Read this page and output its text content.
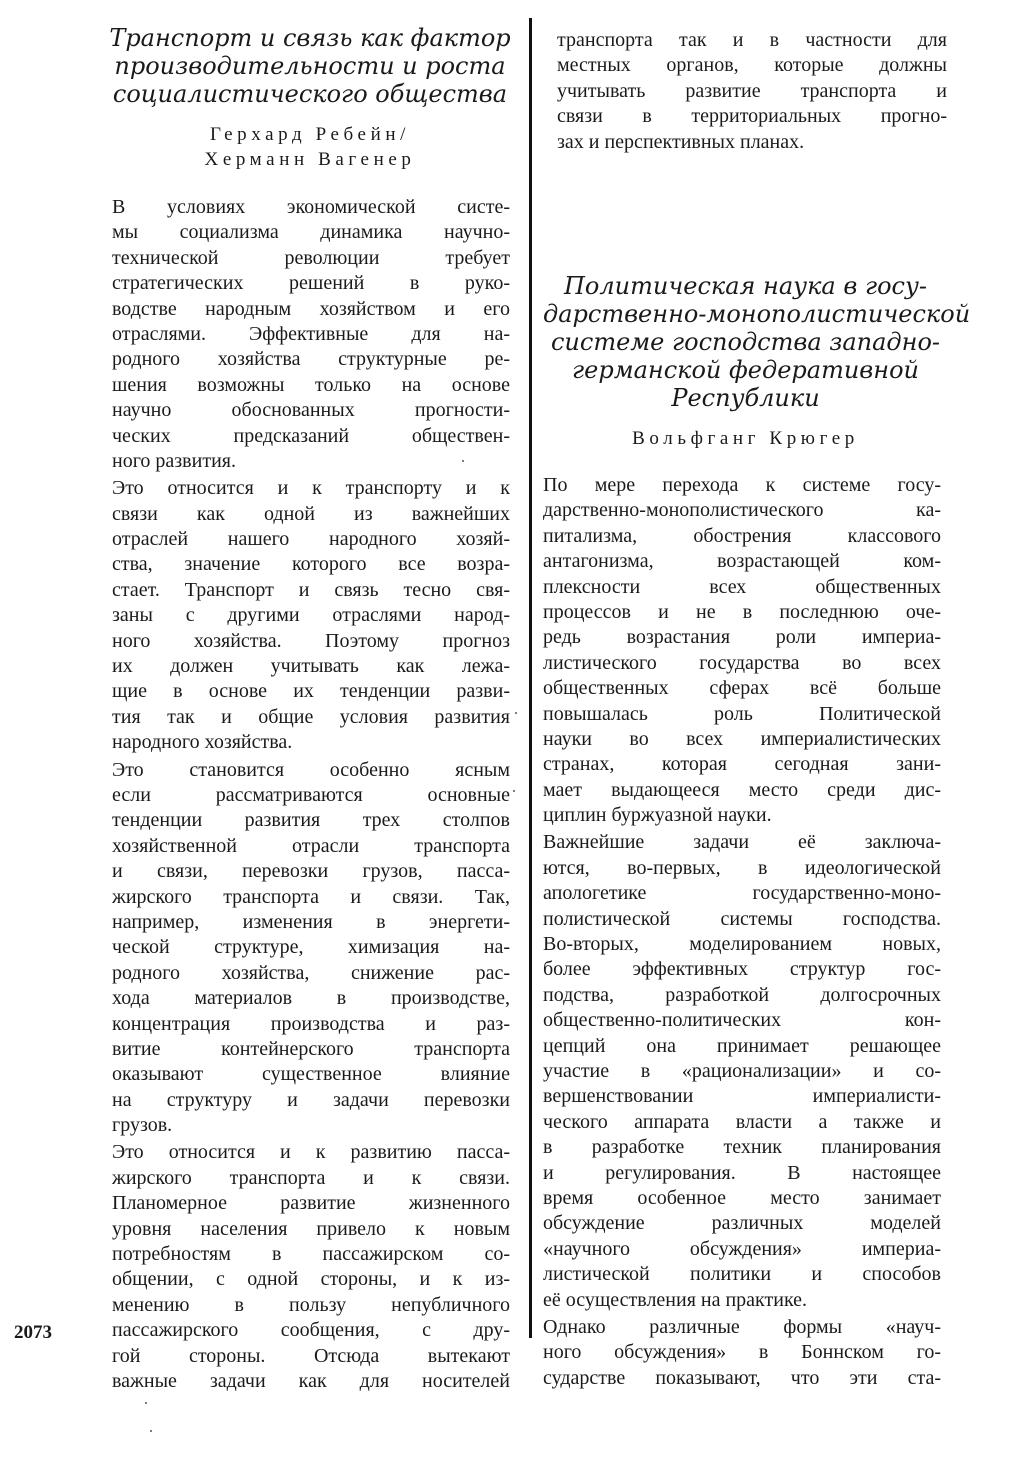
Транспорт и связь как фактор
производительности и роста
социалистического общества
Герхард Ребейн/
Херманн Вагенер
В условиях экономической систе-
мы социализма динамика научно-
технической революции требует
стратегических решений в руко-
водстве народным хозяйством и его
отраслями. Эффективные для на-
родного хозяйства структурные ре-
шения возможны только на основе
научно обоснованных прогности-
ческих предсказаний обществен-
ного развития.
Это относится и к транспорту и к
связи как одной из важнейших
отраслей нашего народного хозяй-
ства, значение которого все возра-
стает. Транспорт и связь тесно свя-
заны с другими отраслями народ-
ного хозяйства. Поэтому прогноз
их должен учитывать как лежа-
щие в основе их тенденции разви-
тия так и общие условия развития
народного хозяйства.
Это становится особенно ясным
если рассматриваются основные
тенденции развития трех столпов
хозяйственной отрасли транспорта
и связи, перевозки грузов, пасса-
жирского транспорта и связи. Так,
например, изменения в энергети-
ческой структуре, химизация на-
родного хозяйства, снижение рас-
хода материалов в производстве,
концентрация производства и раз-
витие контейнерского транспорта
оказывают существенное влияние
на структуру и задачи перевозки
грузов.
Это относится и к развитию пасса-
жирского транспорта и к связи.
Планомерное развитие жизненного
уровня населения привело к новым
потребностям в пассажирском со-
общении, с одной стороны, и к из-
менению в пользу непубличного
пассажирского сообщения, с дру-
гой стороны. Отсюда вытекают
важные задачи как для носителей
транспорта так и в частности для
местных органов, которые должны
учитывать развитие транспорта и
связи в территориальных прогно-
зах и перспективных планах.
Политическая наука в госу-
дарственно-монополистической
системе господства западно-
германской федеративной
Республики
Вольфганг Крюгер
По мере перехода к системе госу-
дарственно-монополистического ка-
питализма, обострения классового
антагонизма, возрастающей ком-
плексности всех общественных
процессов и не в последнюю оче-
редь возрастания роли империа-
листического государства во всех
общественных сферах всё больше
повышалась роль Политической
науки во всех империалистических
странах, которая сегодная зани-
мает выдающееся место среди дис-
циплин буржуазной науки.
Важнейшие задачи её заключа-
ются, во-первых, в идеологической
апологетике государственно-моно-
полистической системы господства.
Во-вторых, моделированием новых,
более эффективных структур гос-
подства, разработкой долгосрочных
общественно-политических кон-
цепций она принимает решающее
участие в «рационализации» и со-
вершенствовании империалисти-
ческого аппарата власти а также и
в разработке техник планирования
и регулирования. В настоящее
время особенное место занимает
обсуждение различных моделей
«научного обсуждения» империа-
листической политики и способов
её осуществления на практике.
Однако различные формы «науч-
ного обсуждения» в Боннском го-
сударстве показывают, что эти ста-
2073
